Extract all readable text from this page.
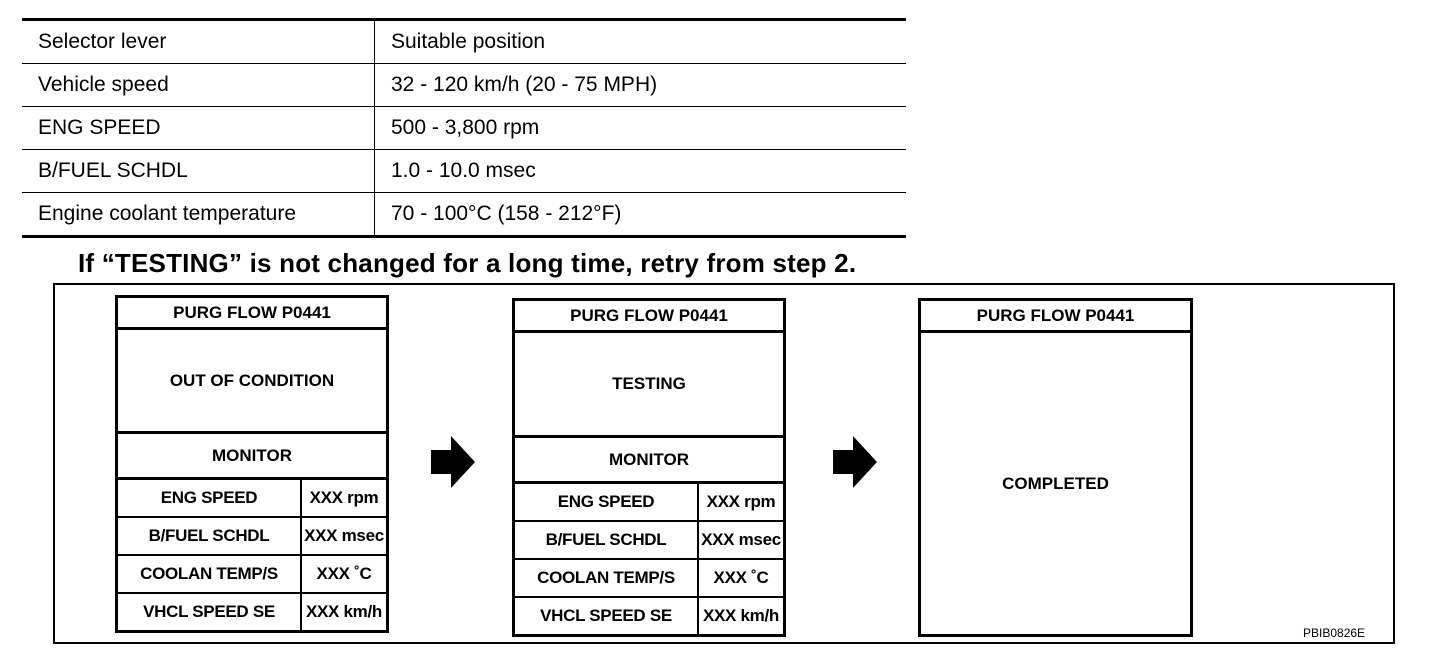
Selector lever	Suitable position
Vehicle speed	32 - 120 km/h (20 - 75 MPH)
ENG SPEED	500 - 3,800 rpm
B/FUEL SCHDL	1.0 - 10.0 msec
Engine coolant temperature	70 - 100°C (158 - 212°F)
If “TESTING” is not changed for a long time, retry from step 2.
PURG FLOW P0441
OUT OF CONDITION
MONITOR
ENG SPEED	XXX rpm
B/FUEL SCHDL	XXX msec
COOLAN TEMP/S	XXX ˚C
VHCL SPEED SE	XXX km/h
PURG FLOW P0441
TESTING
MONITOR
ENG SPEED	XXX rpm
B/FUEL SCHDL	XXX msec
COOLAN TEMP/S	XXX ˚C
VHCL SPEED SE	XXX km/h
PURG FLOW P0441
COMPLETED
PBIB0826E
